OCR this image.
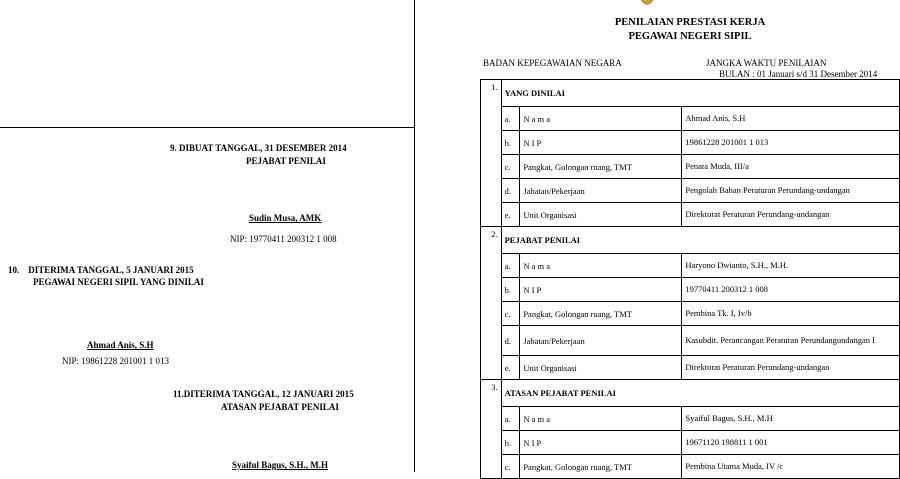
9. DIBUAT TANGGAL, 31 DESEMBER 2014
PEJABAT PENILAI
Sudin Musa, AMK
NIP: 19770411 200312 1 008
10.    DITERIMA TANGGAL, 5 JANUARI 2015
PEGAWAI NEGERI SIPIL YANG DINILAI
Ahmad Anis, S.H
NIP: 19861228 201001 1 013
11.DITERIMA TANGGAL, 12 JANUARI 2015
ATASAN PEJABAT PENILAI
Syaiful Bagus, S.H., M.H
PENILAIAN PRESTASI KERJA
PEGAWAI NEGERI SIPIL
BADAN KEPEGAWAIAN NEGARA	JANGKA WAKTU PENILAIAN
BULAN : 01 Januari s/d 31 Desember 2014
1.	YANG DINILAI		
	a.	N a m a	Ahmad Anis, S.H
	b.	N I P	19861228 201001 1 013
	c.	Pangkat, Golongan ruang, TMT	Penata Muda, III/a
	d.	Jabatan/Pekerjaan	Pengolah Bahan Peraturan Perundang-undangan
	e.	Unit Organisasi	Direktorat Peraturan Perundang-undangan
2.	PEJABAT PENILAI		
	a.	N a m a	Haryono Dwianto, S.H., M.H.
	b.	N I P	19770411 200312 1 008
	c.	Pangkat, Golongan ruang, TMT	Pembina Tk. I, Iv/b
	d.	Jabatan/Pekerjaan	Kasubdit. Perancangan Peraturan Perundangundangan I
	e.	Unit Organisasi	Direktorat Peraturan Perundang-undangan
3.	ATASAN PEJABAT PENILAI		
	a.	N a m a	Syaiful Bagus, S.H., M.H
	b.	N I P	19671120 198811 1 001
	c.	Pangkat, Golongan ruang, TMT	Pembina Utama Muda, IV /c
